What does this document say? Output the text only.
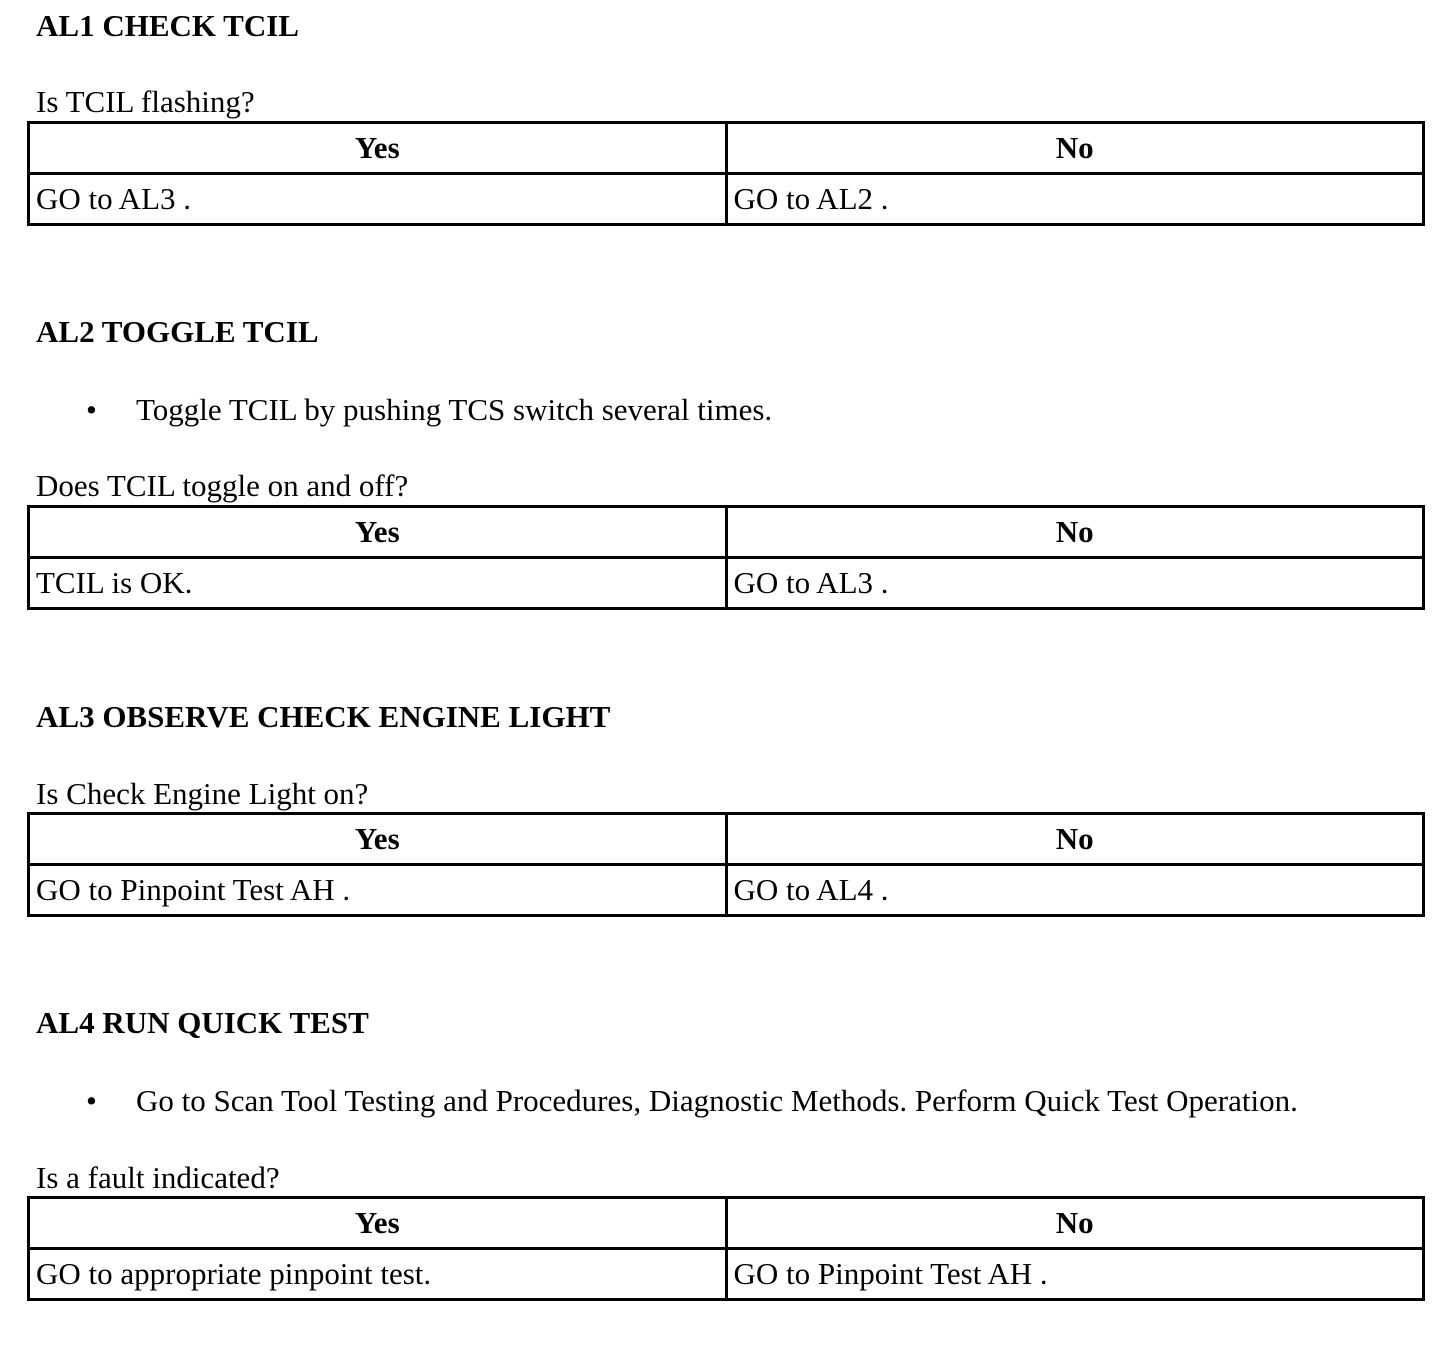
AL1 CHECK TCIL
Is TCIL flashing?
Yes	No
GO to AL3 .	GO to AL2 .
AL2 TOGGLE TCIL
• Toggle TCIL by pushing TCS switch several times.
Does TCIL toggle on and off?
Yes	No
TCIL is OK.	GO to AL3 .
AL3 OBSERVE CHECK ENGINE LIGHT
Is Check Engine Light on?
Yes	No
GO to Pinpoint Test AH .	GO to AL4 .
AL4 RUN QUICK TEST
• Go to Scan Tool Testing and Procedures, Diagnostic Methods. Perform Quick Test Operation.
Is a fault indicated?
Yes	No
GO to appropriate pinpoint test.	GO to Pinpoint Test AH .
